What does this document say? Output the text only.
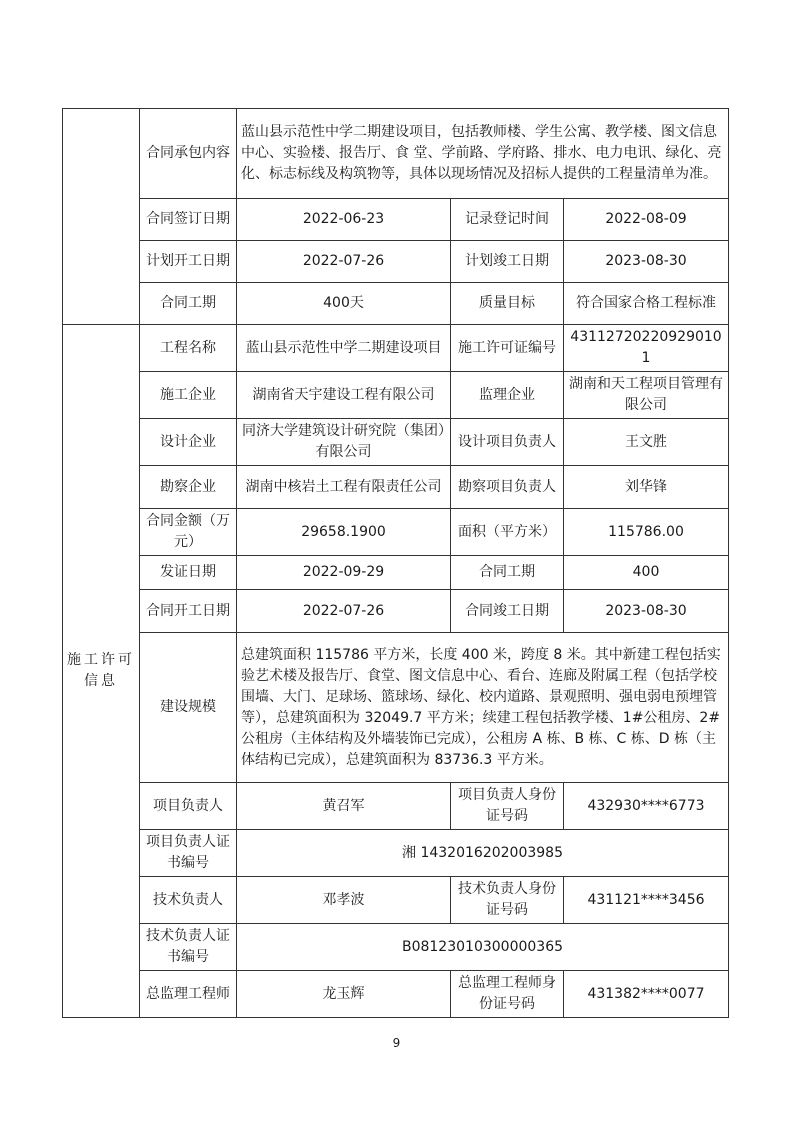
	合同承包内容	蓝山县示范性中学二期建设项目，包括教师楼、学生公寓、教学楼、图文信息中心、实验楼、报告厅、食 堂、学前路、学府路、排水、电力电讯、绿化、亮化、标志标线及构筑物等，具体以现场情况及招标人提供的工程量清单为准。		
	合同签订日期	2022-06-23	记录登记时间	2022-08-09
	计划开工日期	2022-07-26	计划竣工日期	2023-08-30
	合同工期	400天	质量目标	符合国家合格工程标准
施工许可信息	工程名称	蓝山县示范性中学二期建设项目	施工许可证编号	431127202209290101
	施工企业	湖南省天宇建设工程有限公司	监理企业	湖南和天工程项目管理有限公司
	设计企业	同济大学建筑设计研究院（集团）有限公司	设计项目负责人	王文胜
	勘察企业	湖南中核岩土工程有限责任公司	勘察项目负责人	刘华锋
	合同金额（万元）	29658.1900	面积（平方米）	115786.00
	发证日期	2022-09-29	合同工期	400
	合同开工日期	2022-07-26	合同竣工日期	2023-08-30
	建设规模	总建筑面积 115786 平方米，长度 400 米，跨度 8 米。其中新建工程包括实验艺术楼及报告厅、食堂、图文信息中心、看台、连廊及附属工程（包括学校围墙、大门、足球场、篮球场、绿化、校内道路、景观照明、强电弱电预埋管等），总建筑面积为 32049.7 平方米；续建工程包括教学楼、1#公租房、2#公租房（主体结构及外墙装饰已完成），公租房 A 栋、B 栋、C 栋、D 栋（主体结构已完成），总建筑面积为 83736.3 平方米。		
	项目负责人	黄召军	项目负责人身份证号码	432930****6773
	项目负责人证书编号	湘 1432016202003985		
	技术负责人	邓孝波	技术负责人身份证号码	431121****3456
	技术负责人证书编号	B08123010300000365		
	总监理工程师	龙玉辉	总监理工程师身份证号码	431382****0077
9
